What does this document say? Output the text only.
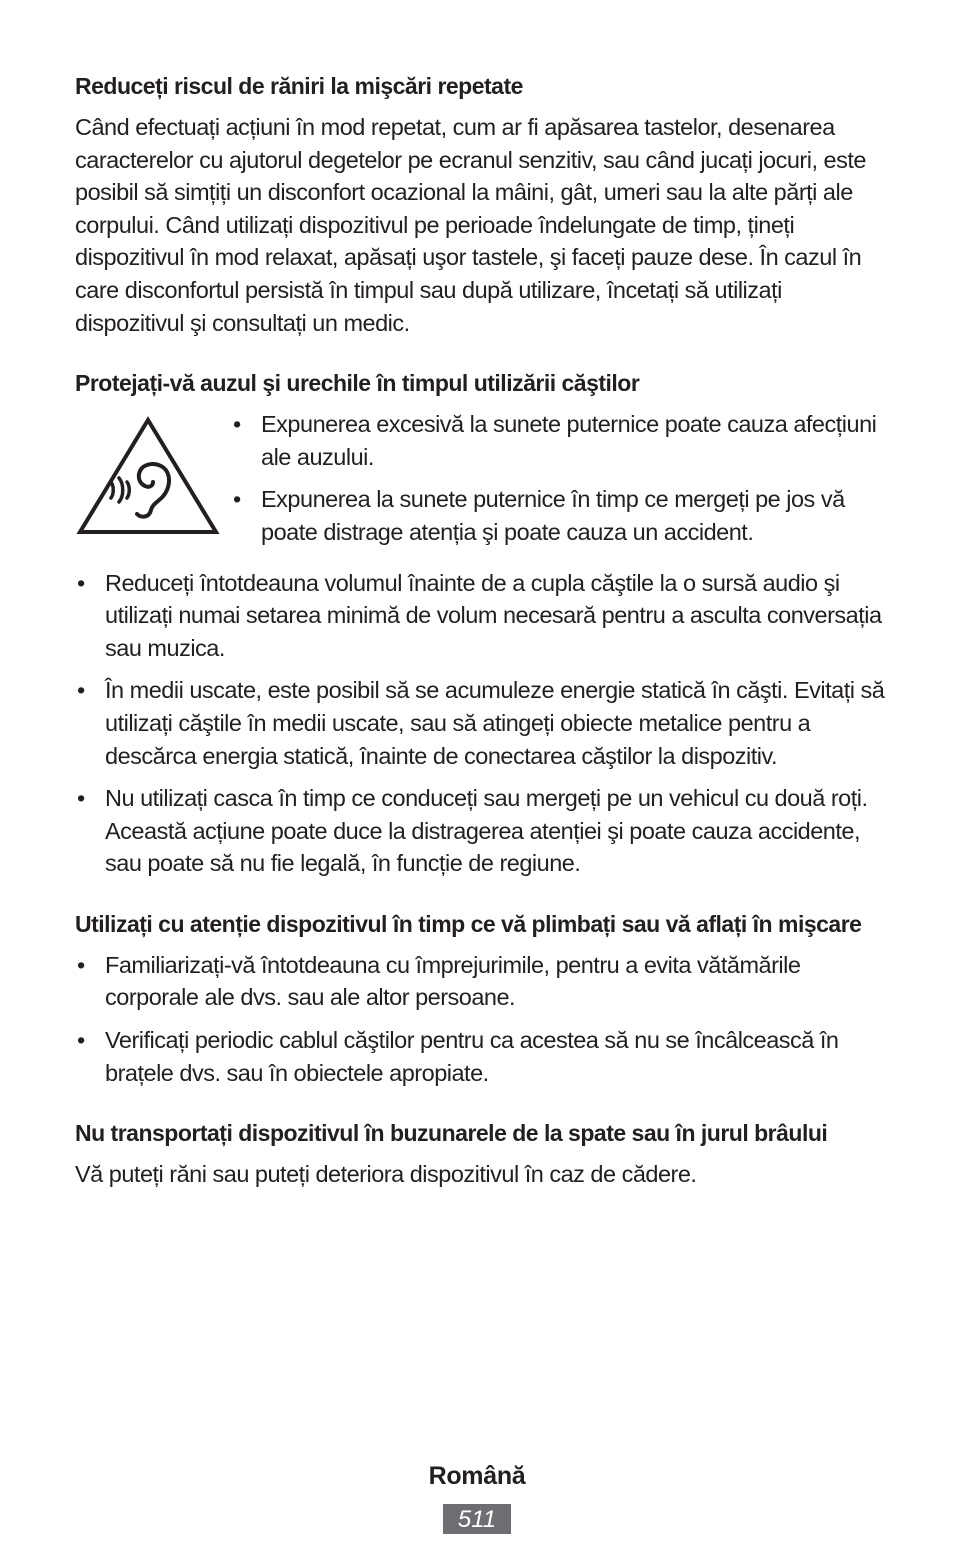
Reduceți riscul de răniri la mişcări repetate

Când efectuați acțiuni în mod repetat, cum ar fi apăsarea tastelor, desenarea caracterelor cu ajutorul degetelor pe ecranul senzitiv, sau când jucați jocuri, este posibil să simțiți un disconfort ocazional la mâini, gât, umeri sau la alte părți ale corpului. Când utilizați dispozitivul pe perioade îndelungate de timp, țineți dispozitivul în mod relaxat, apăsați uşor tastele, şi faceți pauze dese. În cazul în care disconfortul persistă în timpul sau după utilizare, încetați să utilizați dispozitivul şi consultați un medic.

Protejați-vă auzul şi urechile în timpul utilizării căştilor
• Expunerea excesivă la sunete puternice poate cauza afecțiuni ale auzului.
• Expunerea la sunete puternice în timp ce mergeți pe jos vă poate distrage atenția şi poate cauza un accident.
• Reduceți întotdeauna volumul înainte de a cupla căştile la o sursă audio şi utilizați numai setarea minimă de volum necesară pentru a asculta conversația sau muzica.
• În medii uscate, este posibil să se acumuleze energie statică în căşti. Evitați să utilizați căştile în medii uscate, sau să atingeți obiecte metalice pentru a descărca energia statică, înainte de conectarea căştilor la dispozitiv.
• Nu utilizați casca în timp ce conduceți sau mergeți pe un vehicul cu două roți. Această acțiune poate duce la distragerea atenției şi poate cauza accidente, sau poate să nu fie legală, în funcție de regiune.
Utilizați cu atenție dispozitivul în timp ce vă plimbați sau vă aflați în mişcare
• Familiarizați-vă întotdeauna cu împrejurimile, pentru a evita vătămările corporale ale dvs. sau ale altor persoane.
• Verificați periodic cablul căştilor pentru ca acestea să nu se încâlcească în brațele dvs. sau în obiectele apropiate.
Nu transportați dispozitivul în buzunarele de la spate sau în jurul brâului

Vă puteți răni sau puteți deteriora dispozitivul în caz de cădere.

Română
511
